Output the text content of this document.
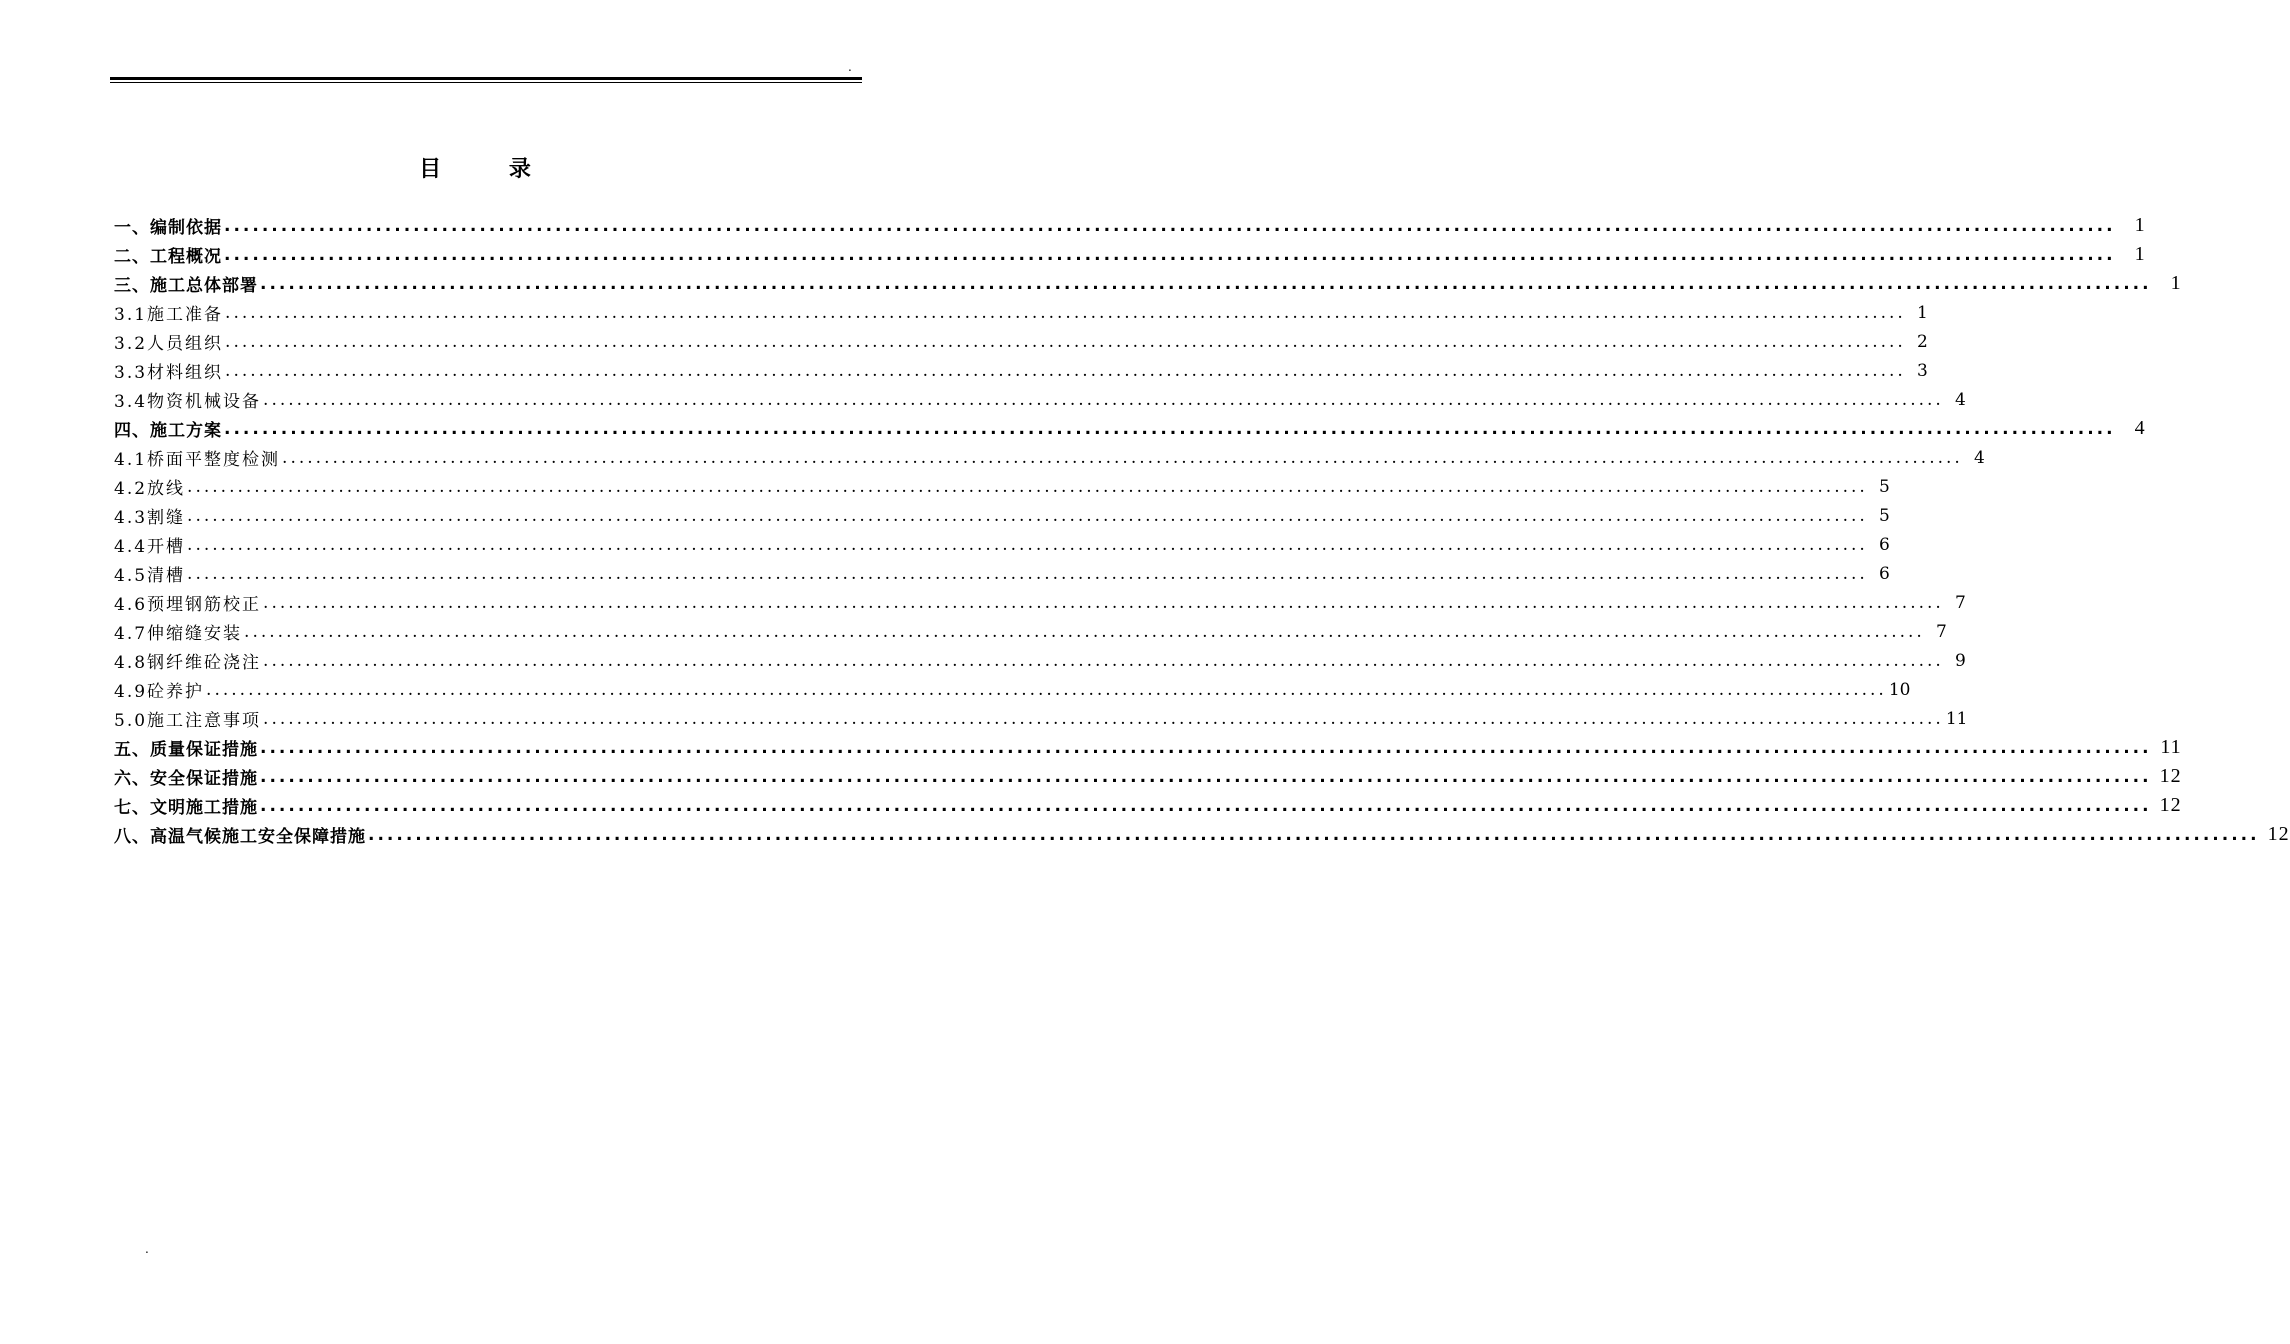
.
目 录
一、编制依据 ........................................................................................................................................................................................................ 1
二、工程概况 ........................................................................................................................................................................................................ 1
三、施工总体部署 ........................................................................................................................................................................................................ 1
3.1施工准备 ........................................................................................................................................................................................................ 1
3.2人员组织 ........................................................................................................................................................................................................ 2
3.3材料组织 ........................................................................................................................................................................................................ 3
3.4物资机械设备 ........................................................................................................................................................................................................ 4
四、施工方案 ........................................................................................................................................................................................................ 4
4.1桥面平整度检测 ........................................................................................................................................................................................................ 4
4.2放线 ........................................................................................................................................................................................................ 5
4.3割缝 ........................................................................................................................................................................................................ 5
4.4开槽 ........................................................................................................................................................................................................ 6
4.5清槽 ........................................................................................................................................................................................................ 6
4.6预埋钢筋校正 ........................................................................................................................................................................................................ 7
4.7伸缩缝安装 ........................................................................................................................................................................................................ 7
4.8钢纤维砼浇注 ........................................................................................................................................................................................................ 9
4.9砼养护 ........................................................................................................................................................................................................ 10
5.0施工注意事项 ........................................................................................................................................................................................................ 11
五、质量保证措施 ........................................................................................................................................................................................................ 11
六、安全保证措施 ........................................................................................................................................................................................................ 12
七、文明施工措施 ........................................................................................................................................................................................................ 12
八、高温气候施工安全保障措施 ........................................................................................................................................................................................................ 12
.
